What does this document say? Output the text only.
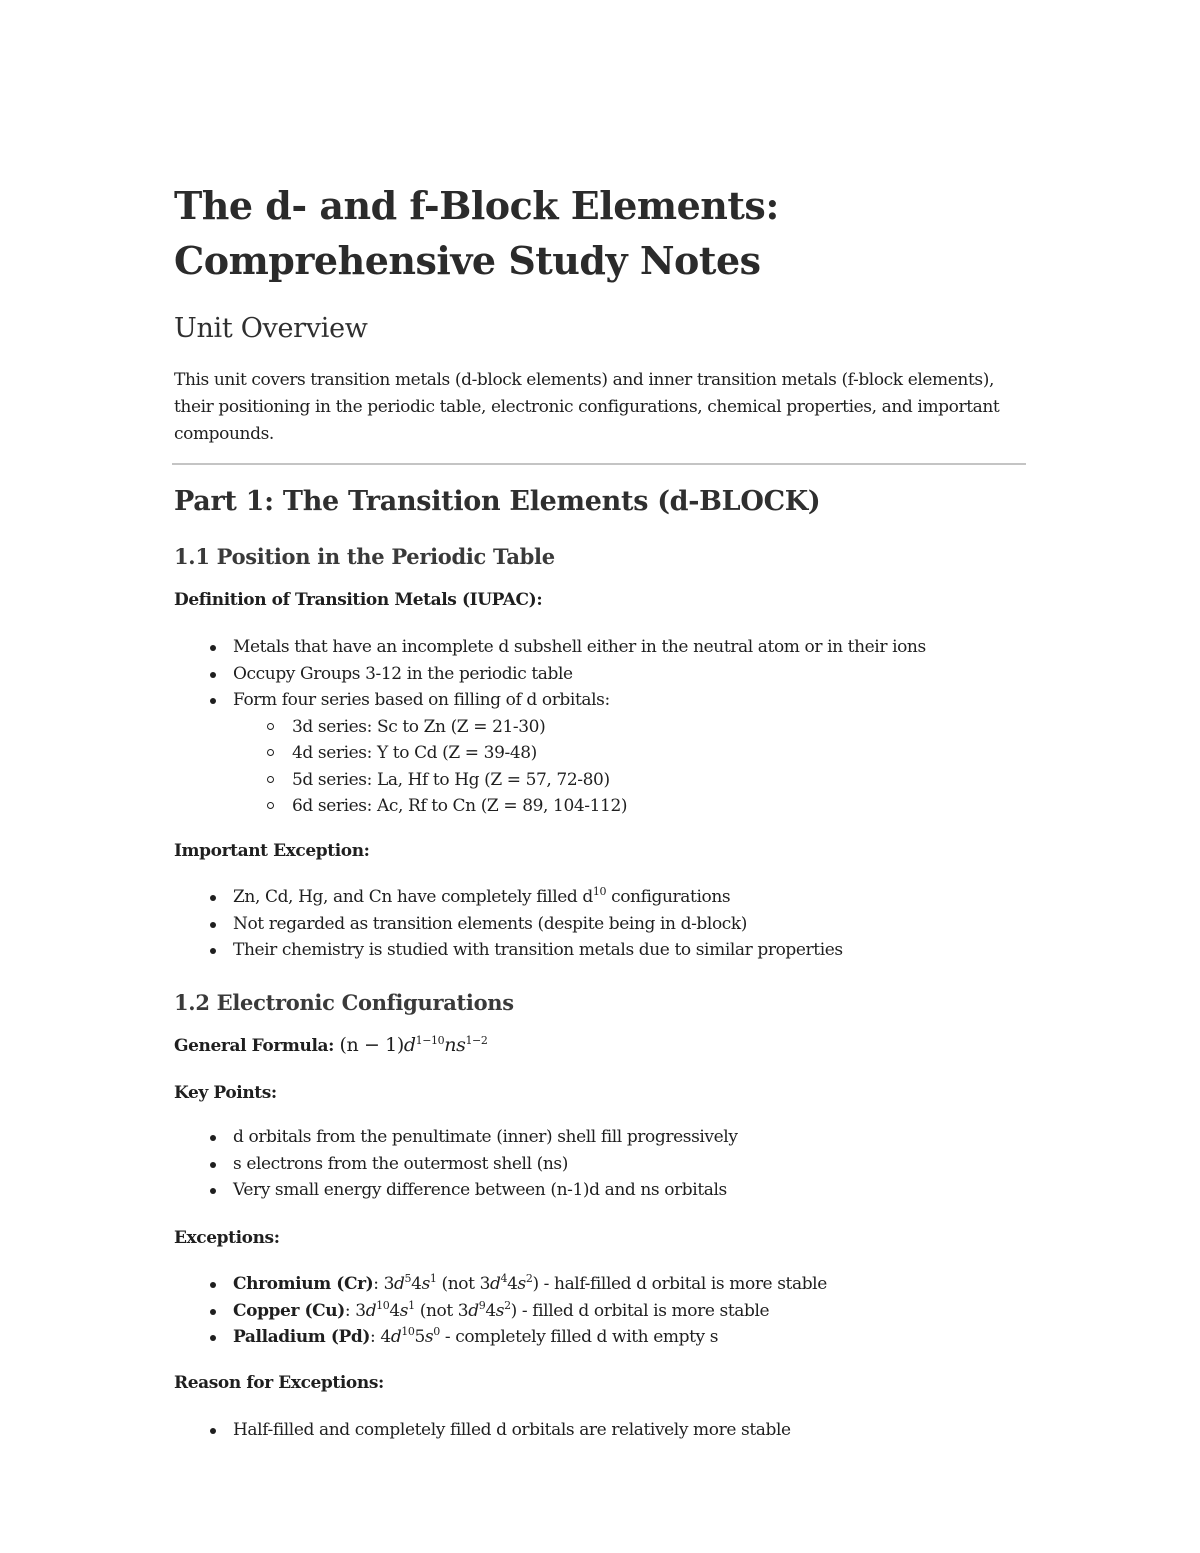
The d- and f-Block Elements:
Comprehensive Study Notes
Unit Overview

This unit covers transition metals (d-block elements) and inner transition metals (f-block elements), their positioning in the periodic table, electronic configurations, chemical properties, and important compounds.

Part 1: The Transition Elements (d-BLOCK)
1.1 Position in the Periodic Table

Definition of Transition Metals (IUPAC):

Metals that have an incomplete d subshell either in the neutral atom or in their ions
Occupy Groups 3-12 in the periodic table
Form four series based on filling of d orbitals:
3d series: Sc to Zn (Z = 21-30)
4d series: Y to Cd (Z = 39-48)
5d series: La, Hf to Hg (Z = 57, 72-80)
6d series: Ac, Rf to Cn (Z = 89, 104-112)

Important Exception:

Zn, Cd, Hg, and Cn have completely filled $d^{10}$ configurations
Not regarded as transition elements (despite being in d-block)
Their chemistry is studied with transition metals due to similar properties
1.2 Electronic Configurations

General Formula: $(n - 1)d^{1-10}ns^{1-2}$

Key Points:

d orbitals from the penultimate (inner) shell fill progressively
s electrons from the outermost shell (ns)
Very small energy difference between (n-1)d and ns orbitals

Exceptions:

Chromium (Cr): $3d^54s^1$ (not $3d^44s^2$) - half-filled d orbital is more stable
Copper (Cu): $3d^{10}4s^1$ (not $3d^94s^2$) - filled d orbital is more stable
Palladium (Pd): $4d^{10}5s^0$ - completely filled d with empty s

Reason for Exceptions:

Half-filled and completely filled d orbitals are relatively more stable
